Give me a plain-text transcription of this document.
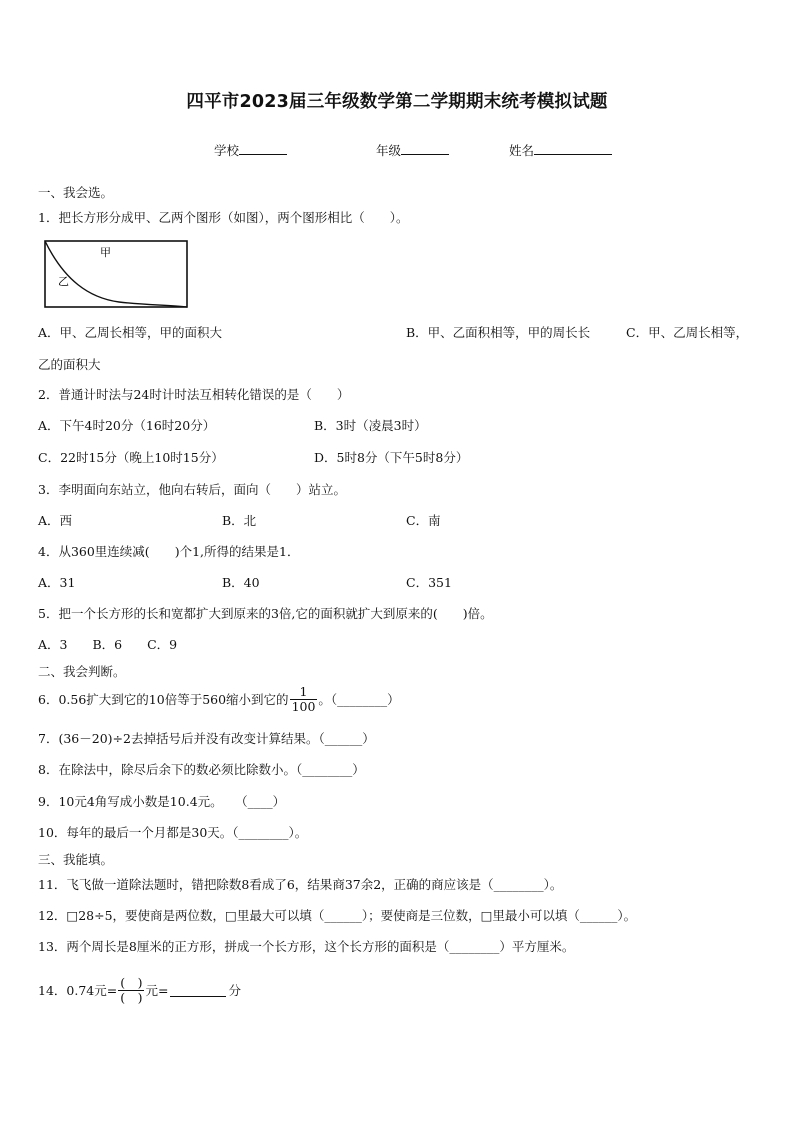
四平市2023届三年级数学第二学期期末统考模拟试题
学校	年级	姓名
一、我会选。
1．把长方形分成甲、乙两个图形（如图），两个图形相比（　　）。
甲
乙
A．甲、乙周长相等，甲的面积大	B．甲、乙面积相等，甲的周长长	C．甲、乙周长相等，
乙的面积大
2．普通计时法与24时计时法互相转化错误的是（　　）
A．下午4时20分（16时20分）	B．3时（凌晨3时）
C．22时15分（晚上10时15分）	D．5时8分（下午5时8分）
3．李明面向东站立，他向右转后，面向（　　）站立。
A．西	B．北	C．南
4．从360里连续减(　　)个1,所得的结果是1．
A．31	B．40	C．351
5．把一个长方形的长和宽都扩大到原来的3倍,它的面积就扩大到原来的(　　)倍。
A．3　　B．6　　C．9
二、我会判断。
6．0.56扩大到它的10倍等于560缩小到它的 $\frac{1}{100}$ 。（________）
7．(36－20)÷2去掉括号后并没有改变计算结果。（______）
8．在除法中，除尽后余下的数必须比除数小。（________）
9．10元4角写成小数是10.4元。　　（____）
10．每年的最后一个月都是30天。（________）。
三、我能填。
11．飞飞做一道除法题时，错把除数8看成了6，结果商37余2，正确的商应该是（________）。
12．□28÷5，要使商是两位数，□里最大可以填（______）；要使商是三位数，□里最小可以填（______）。
13．两个周长是8厘米的正方形，拼成一个长方形，这个长方形的面积是（________）平方厘米。
14．0.74元= $\frac{( )}{( )}$ 元=	分
